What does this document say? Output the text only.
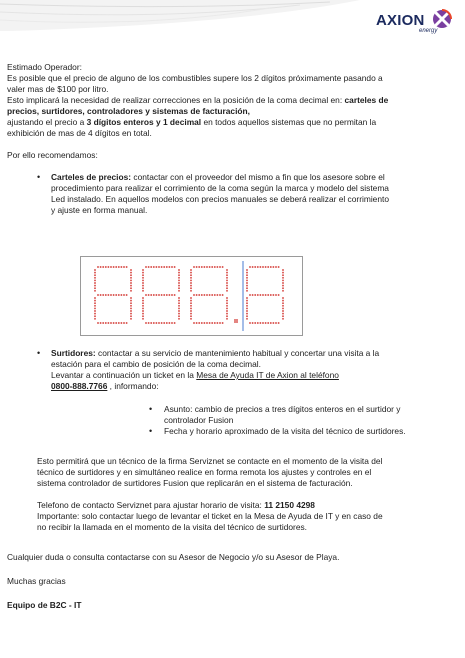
AXION
energy
Estimado Operador:
Es posible que el precio de alguno de los combustibles supere los 2 dígitos próximamente pasando a
valer mas de $100 por litro.
Esto implicará la necesidad de realizar correcciones en la posición de la coma decimal en: carteles de
precios, surtidores, controladores y sistemas de facturación,
ajustando el precio a 3 dígitos enteros y 1 decimal en todos aquellos sistemas que no permitan la
exhibición de mas de 4 dígitos en total.
Por ello recomendamos:
• Carteles de precios: contactar con el proveedor del mismo a fin que los asesore sobre el
procedimiento para realizar el corrimiento de la coma según la marca y modelo del sistema
Led instalado. En aquellos modelos con precios manuales se deberá realizar el corrimiento
y ajuste en forma manual.
• Surtidores: contactar a su servicio de mantenimiento habitual y concertar una visita a la
estación para el cambio de posición de la coma decimal.
Levantar a continuación un ticket en la Mesa de Ayuda IT de Axion al teléfono
0800-888.7766 , informando:
• Asunto: cambio de precios a tres dígitos enteros en el surtidor y
controlador Fusion
• Fecha y horario aproximado de la visita del técnico de surtidores.
Esto permitirá que un técnico de la firma Serviznet se contacte en el momento de la visita del
técnico de surtidores y en simultáneo realice en forma remota los ajustes y controles en el
sistema controlador de surtidores Fusion que replicarán en el sistema de facturación.
Telefono de contacto Serviznet para ajustar horario de visita: 11 2150 4298
Importante: solo contactar luego de levantar el ticket en la Mesa de Ayuda de IT y en caso de
no recibir la llamada en el momento de la visita del técnico de surtidores.
Cualquier duda o consulta contactarse con su Asesor de Negocio y/o su Asesor de Playa.
Muchas gracias
Equipo de B2C - IT
